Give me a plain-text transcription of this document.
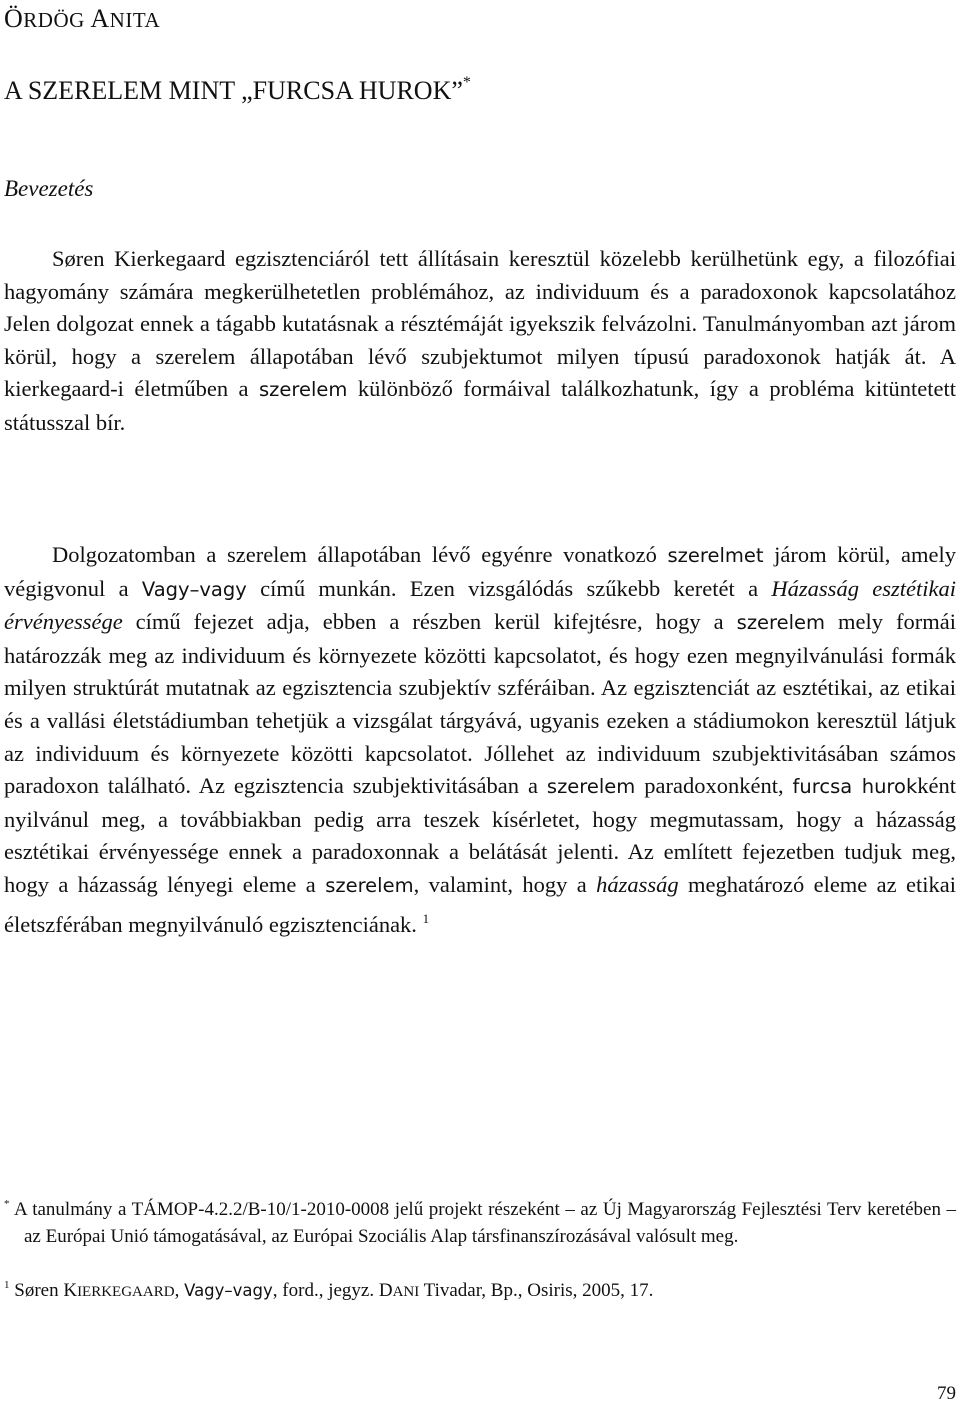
ÖRDÖG ANITA
A SZERELEM MINT „FURCSA HUROK”*
Bevezetés

Søren Kierkegaard egzisztenciáról tett állításain keresztül közelebb kerülhetünk egy, a filozófiai hagyomány számára megkerülhetetlen problémához, az individuum és a paradoxonok kapcsolatához Jelen dolgozat ennek a tágabb kutatásnak a résztémáját igyekszik felvázolni. Tanulmányomban azt járom körül, hogy a szerelem állapotában lévő szubjektumot milyen típusú paradoxonok hatják át. A kierkegaard-i életműben a szerelem különböző formáival találkozhatunk, így a probléma kitüntetett státusszal bír.

Dolgozatomban a szerelem állapotában lévő egyénre vonatkozó szerelmet járom körül, amely végigvonul a Vagy–vagy című munkán. Ezen vizsgálódás szűkebb keretét a Házasság esztétikai érvényessége című fejezet adja, ebben a részben kerül kifejtésre, hogy a szerelem mely formái határozzák meg az individuum és környezete közötti kapcsolatot, és hogy ezen megnyilvánulási formák milyen struktúrát mutatnak az egzisztencia szubjektív szféráiban. Az egzisztenciát az esztétikai, az etikai és a vallási életstádiumban tehetjük a vizsgálat tárgyává, ugyanis ezeken a stádiumokon keresztül látjuk az individuum és környezete közötti kapcsolatot. Jóllehet az individuum szubjektivitásában számos paradoxon található. Az egzisztencia szubjektivitásában a szerelem paradoxonként, furcsa hurokként nyilvánul meg, a továbbiakban pedig arra teszek kísérletet, hogy megmutassam, hogy a házasság esztétikai érvényessége ennek a paradoxonnak a belátását jelenti. Az említett fejezetben tudjuk meg, hogy a házasság lényegi eleme a szerelem, valamint, hogy a házasság meghatározó eleme az etikai életszférában megnyilvánuló egzisztenciának. $^1$

* A tanulmány a TÁMOP-4.2.2/B-10/1-2010-0008 jelű projekt részeként – az Új Magyarország Fejlesztési Terv keretében – az Európai Unió támogatásával, az Európai Szociális Alap társfinanszírozásával valósult meg.

$^1$ Søren KIERKEGAARD, Vagy–vagy, ford., jegyz. DANI Tivadar, Bp., Osiris, 2005, 17.

79
